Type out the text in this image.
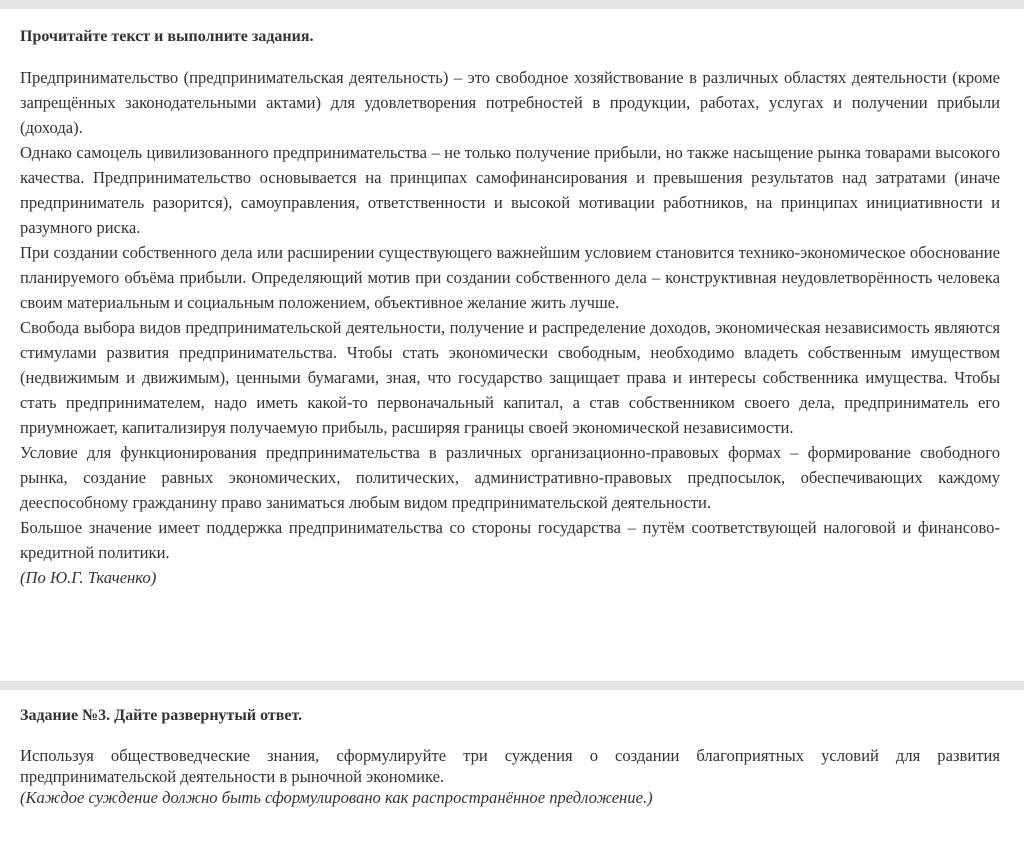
Прочитайте текст и выполните задания.

Предпринимательство (предпринимательская деятельность) – это свободное хозяйствование в различных областях деятельности (кроме запрещённых законодательными актами) для удовлетворения потребностей в продукции, работах, услугах и получении прибыли (дохода).

Однако самоцель цивилизованного предпринимательства – не только получение прибыли, но также насыщение рынка товарами высокого качества. Предпринимательство основывается на принципах самофинансирования и превышения результатов над затратами (иначе предприниматель разорится), самоуправления, ответственности и высокой мотивации работников, на принципах инициативности и разумного риска.

При создании собственного дела или расширении существующего важнейшим условием становится технико-экономическое обоснование планируемого объёма прибыли. Определяющий мотив при создании собственного дела – конструктивная неудовлетворённость человека своим материальным и социальным положением, объективное желание жить лучше.

Свобода выбора видов предпринимательской деятельности, получение и распределение доходов, экономическая независимость являются стимулами развития предпринимательства. Чтобы стать экономически свободным, необходимо владеть собственным имуществом (недвижимым и движимым), ценными бумагами, зная, что государство защищает права и интересы собственника имущества. Чтобы стать предпринимателем, надо иметь какой-то первоначальный капитал, а став собственником своего дела, предприниматель его приумножает, капитализируя получаемую прибыль, расширяя границы своей экономической независимости.

Условие для функционирования предпринимательства в различных организационно-правовых формах – формирование свободного рынка, создание равных экономических, политических, административно-правовых предпосылок, обеспечивающих каждому дееспособному гражданину право заниматься любым видом предпринимательской деятельности.

Большое значение имеет поддержка предпринимательства со стороны государства – путём соответствующей налоговой и финансово-кредитной политики.

(По Ю.Г. Ткаченко)

Задание №3. Дайте развернутый ответ.

Используя обществоведческие знания, сформулируйте три суждения о создании благоприятных условий для развития предпринимательской деятельности в рыночной экономике.

(Каждое суждение должно быть сформулировано как распространённое предложение.)
